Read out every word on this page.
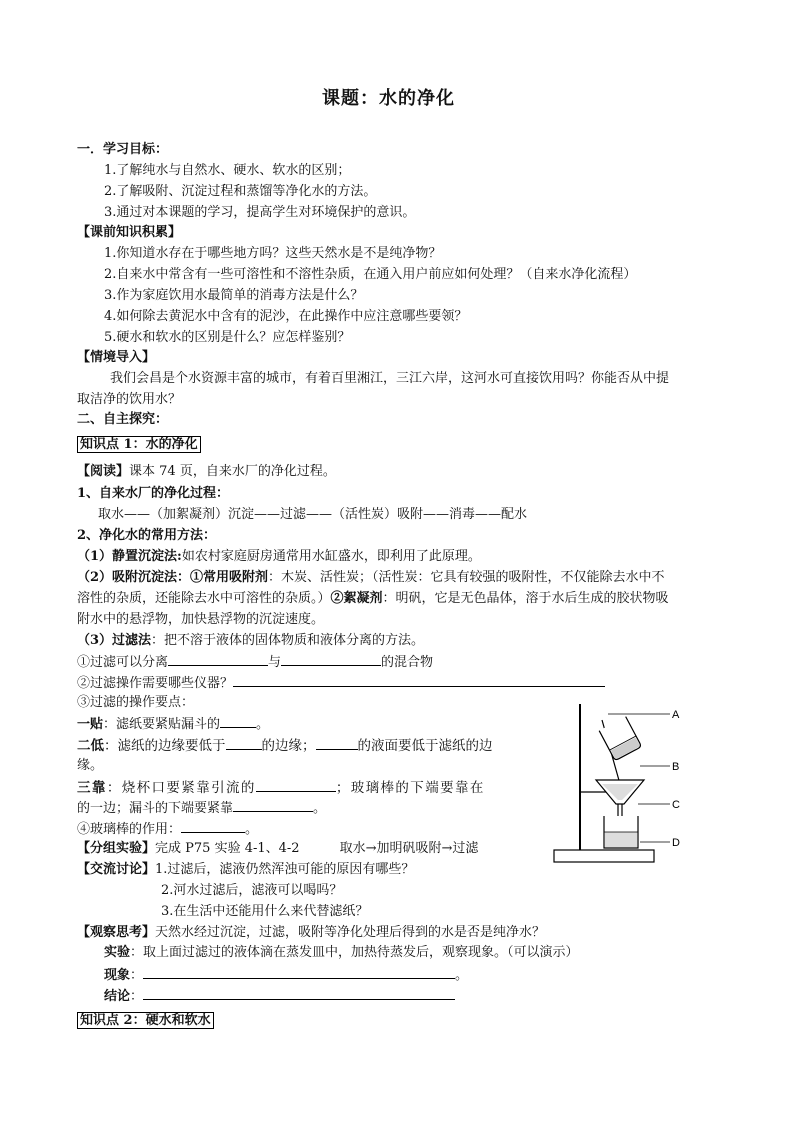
课题：水的净化
一．学习目标：
1.了解纯水与自然水、硬水、软水的区别；
2.了解吸附、沉淀过程和蒸馏等净化水的方法。
3.通过对本课题的学习，提高学生对环境保护的意识。
【课前知识积累】
1.你知道水存在于哪些地方吗？这些天然水是不是纯净物？
2.自来水中常含有一些可溶性和不溶性杂质，在通入用户前应如何处理？（自来水净化流程）
3.作为家庭饮用水最简单的消毒方法是什么？
4.如何除去黄泥水中含有的泥沙，在此操作中应注意哪些要领？
5.硬水和软水的区别是什么？应怎样鉴别？
【情境导入】
我们会昌是个水资源丰富的城市，有着百里湘江，三江六岸，这河水可直接饮用吗？你能否从中提
取洁净的饮用水？
二、自主探究：
知识点 1：水的净化
【阅读】课本 74 页，自来水厂的净化过程。
1、自来水厂的净化过程：
取水——（加絮凝剂）沉淀——过滤——（活性炭）吸附——消毒——配水
2、净化水的常用方法：
（1）静置沉淀法:如农村家庭厨房通常用水缸盛水，即利用了此原理。
（2）吸附沉淀法：①常用吸附剂：木炭、活性炭；（活性炭：它具有较强的吸附性，不仅能除去水中不
溶性的杂质，还能除去水中可溶性的杂质。）②絮凝剂：明矾，它是无色晶体，溶于水后生成的胶状物吸
附水中的悬浮物，加快悬浮物的沉淀速度。
（3）过滤法：把不溶于液体的固体物质和液体分离的方法。
①过滤可以分离	与	的混合物
②过滤操作需要哪些仪器？
③过滤的操作要点：
一贴：滤纸要紧贴漏斗的	。
二低：滤纸的边缘要低于	的边缘；	的液面要低于滤纸的边
缘。
三靠：烧杯口要紧靠引流的	；玻璃棒的下端要靠在
的一边；漏斗的下端要紧靠	。
④玻璃棒的作用：	。
【分组实验】完成 P75 实验 4-1、4-2	取水→加明矾吸附→过滤
【交流讨论】1.过滤后，滤液仍然浑浊可能的原因有哪些？
2.河水过滤后，滤液可以喝吗？
3.在生活中还能用什么来代替滤纸？
【观察思考】天然水经过沉淀，过滤，吸附等净化处理后得到的水是否是纯净水？
实验：取上面过滤过的液体滴在蒸发皿中，加热待蒸发后，观察现象。（可以演示）
现象：	。
结论：
知识点 2：硬水和软水
A
B
C
D
